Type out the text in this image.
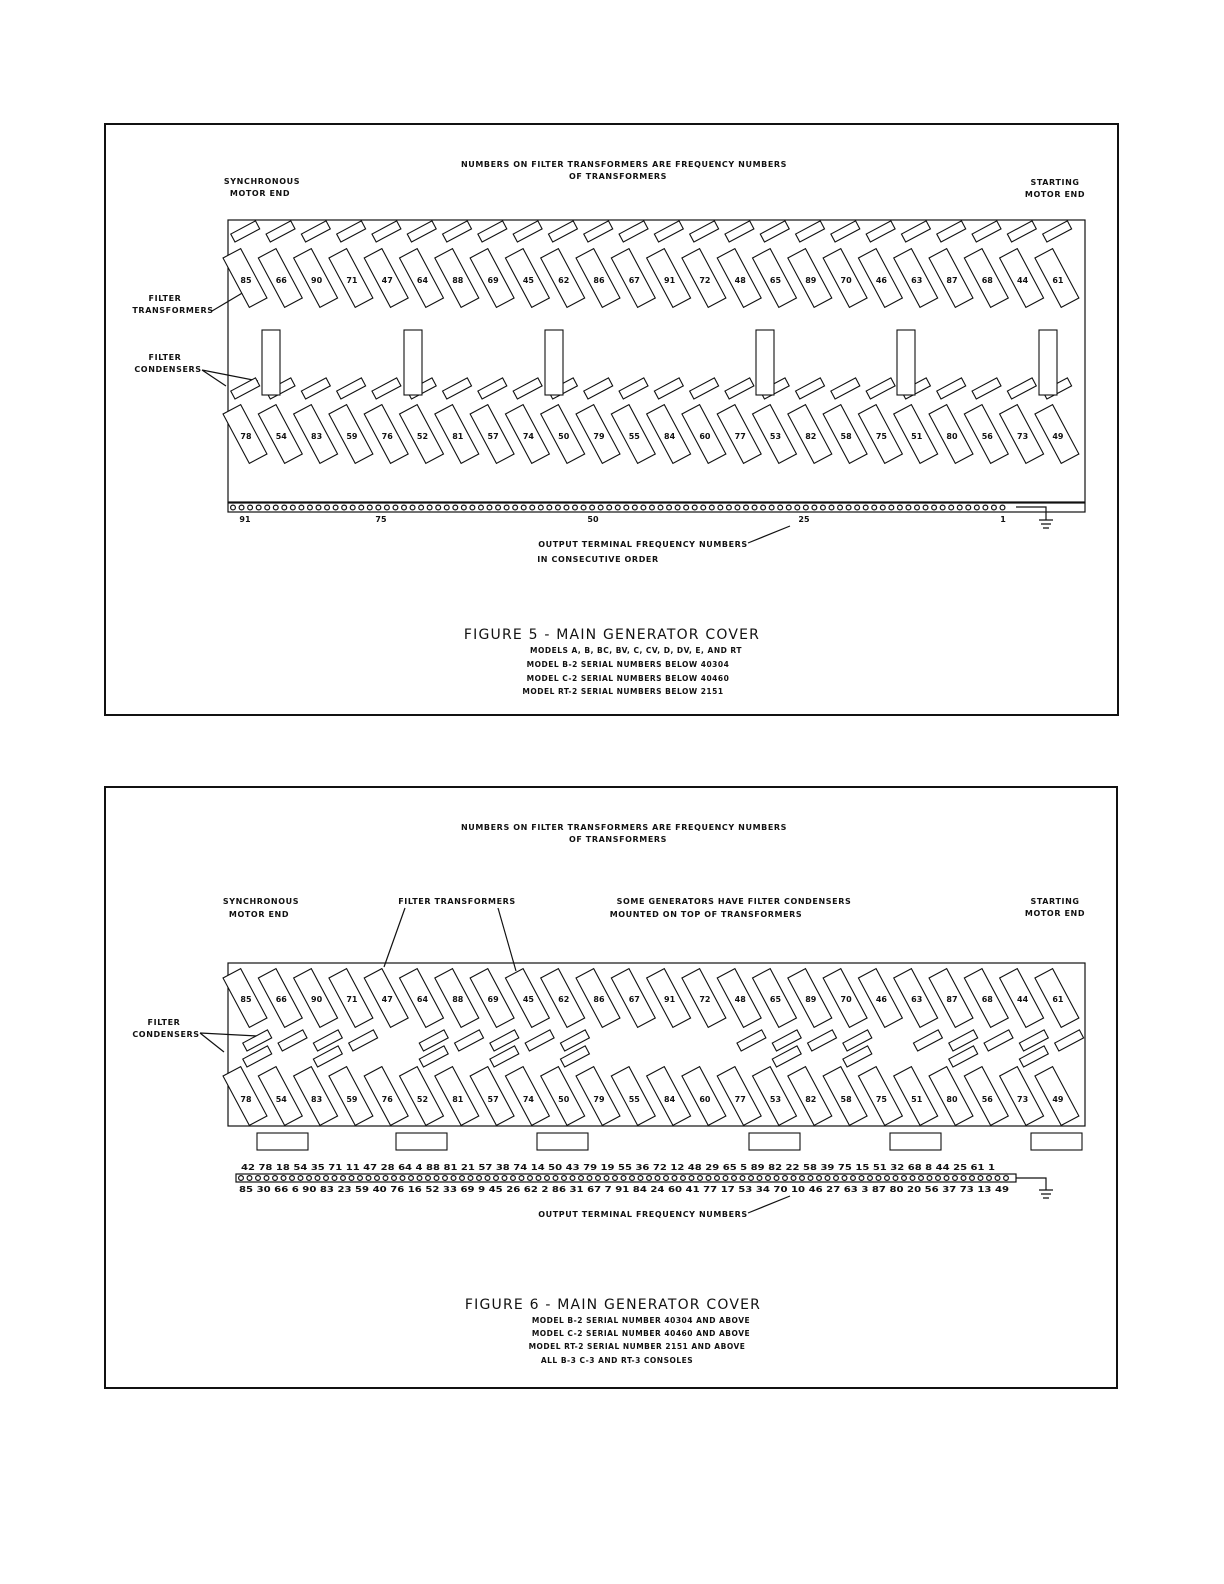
NUMBERS ON FILTER TRANSFORMERS ARE FREQUENCY NUMBERS
OF TRANSFORMERS
SYNCHRONOUS
MOTOR END
STARTING
MOTOR END
FILTER
TRANSFORMERS
FILTER
CONDENSERS
85	66	90	71	47	64	88	69	45	62	86	67	91	72	48	65	89	70	46	63	87	68	44	61
78	54	83	59	76	52	81	57	74	50	79	55	84	60	77	53	82	58	75	51	80	56	73	49
91	75	50	25	1
OUTPUT TERMINAL FREQUENCY NUMBERS
IN CONSECUTIVE ORDER
FIGURE 5 - MAIN GENERATOR COVER
MODELS A, B, BC, BV, C, CV, D, DV, E, AND RT
MODEL B-2 SERIAL NUMBERS BELOW 40304
MODEL C-2 SERIAL NUMBERS BELOW 40460
MODEL RT-2 SERIAL NUMBERS BELOW 2151
NUMBERS ON FILTER TRANSFORMERS ARE FREQUENCY NUMBERS
OF TRANSFORMERS
SYNCHRONOUS
MOTOR END
STARTING
MOTOR END
FILTER TRANSFORMERS	SOME GENERATORS HAVE FILTER CONDENSERS
MOUNTED ON TOP OF TRANSFORMERS
FILTER
CONDENSERS
85	66	90	71	47	64	88	69	45	62	86	67	91	72	48	65	89	70	46	63	87	68	44	61
78	54	83	59	76	52	81	57	74	50	79	55	84	60	77	53	82	58	75	51	80	56	73	49
42 78 18 54 35 71 11 47 28 64 4 88 81 21 57 38 74 14 50 43 79 19 55 36 72 12 48 29 65 5 89 82 22 58 39 75 15 51 32 68 8 44 25 61 1
85 30 66 6 90 83 23 59 40 76 16 52 33 69 9 45 26 62 2 86 31 67 7 91 84 24 60 41 77 17 53 34 70 10 46 27 63 3 87 80 20 56 37 73 13 49
OUTPUT TERMINAL FREQUENCY NUMBERS
FIGURE 6 - MAIN GENERATOR COVER
MODEL B-2 SERIAL NUMBER 40304 AND ABOVE
MODEL C-2 SERIAL NUMBER 40460 AND ABOVE
MODEL RT-2 SERIAL NUMBER 2151 AND ABOVE
ALL B-3 C-3 AND RT-3 CONSOLES
